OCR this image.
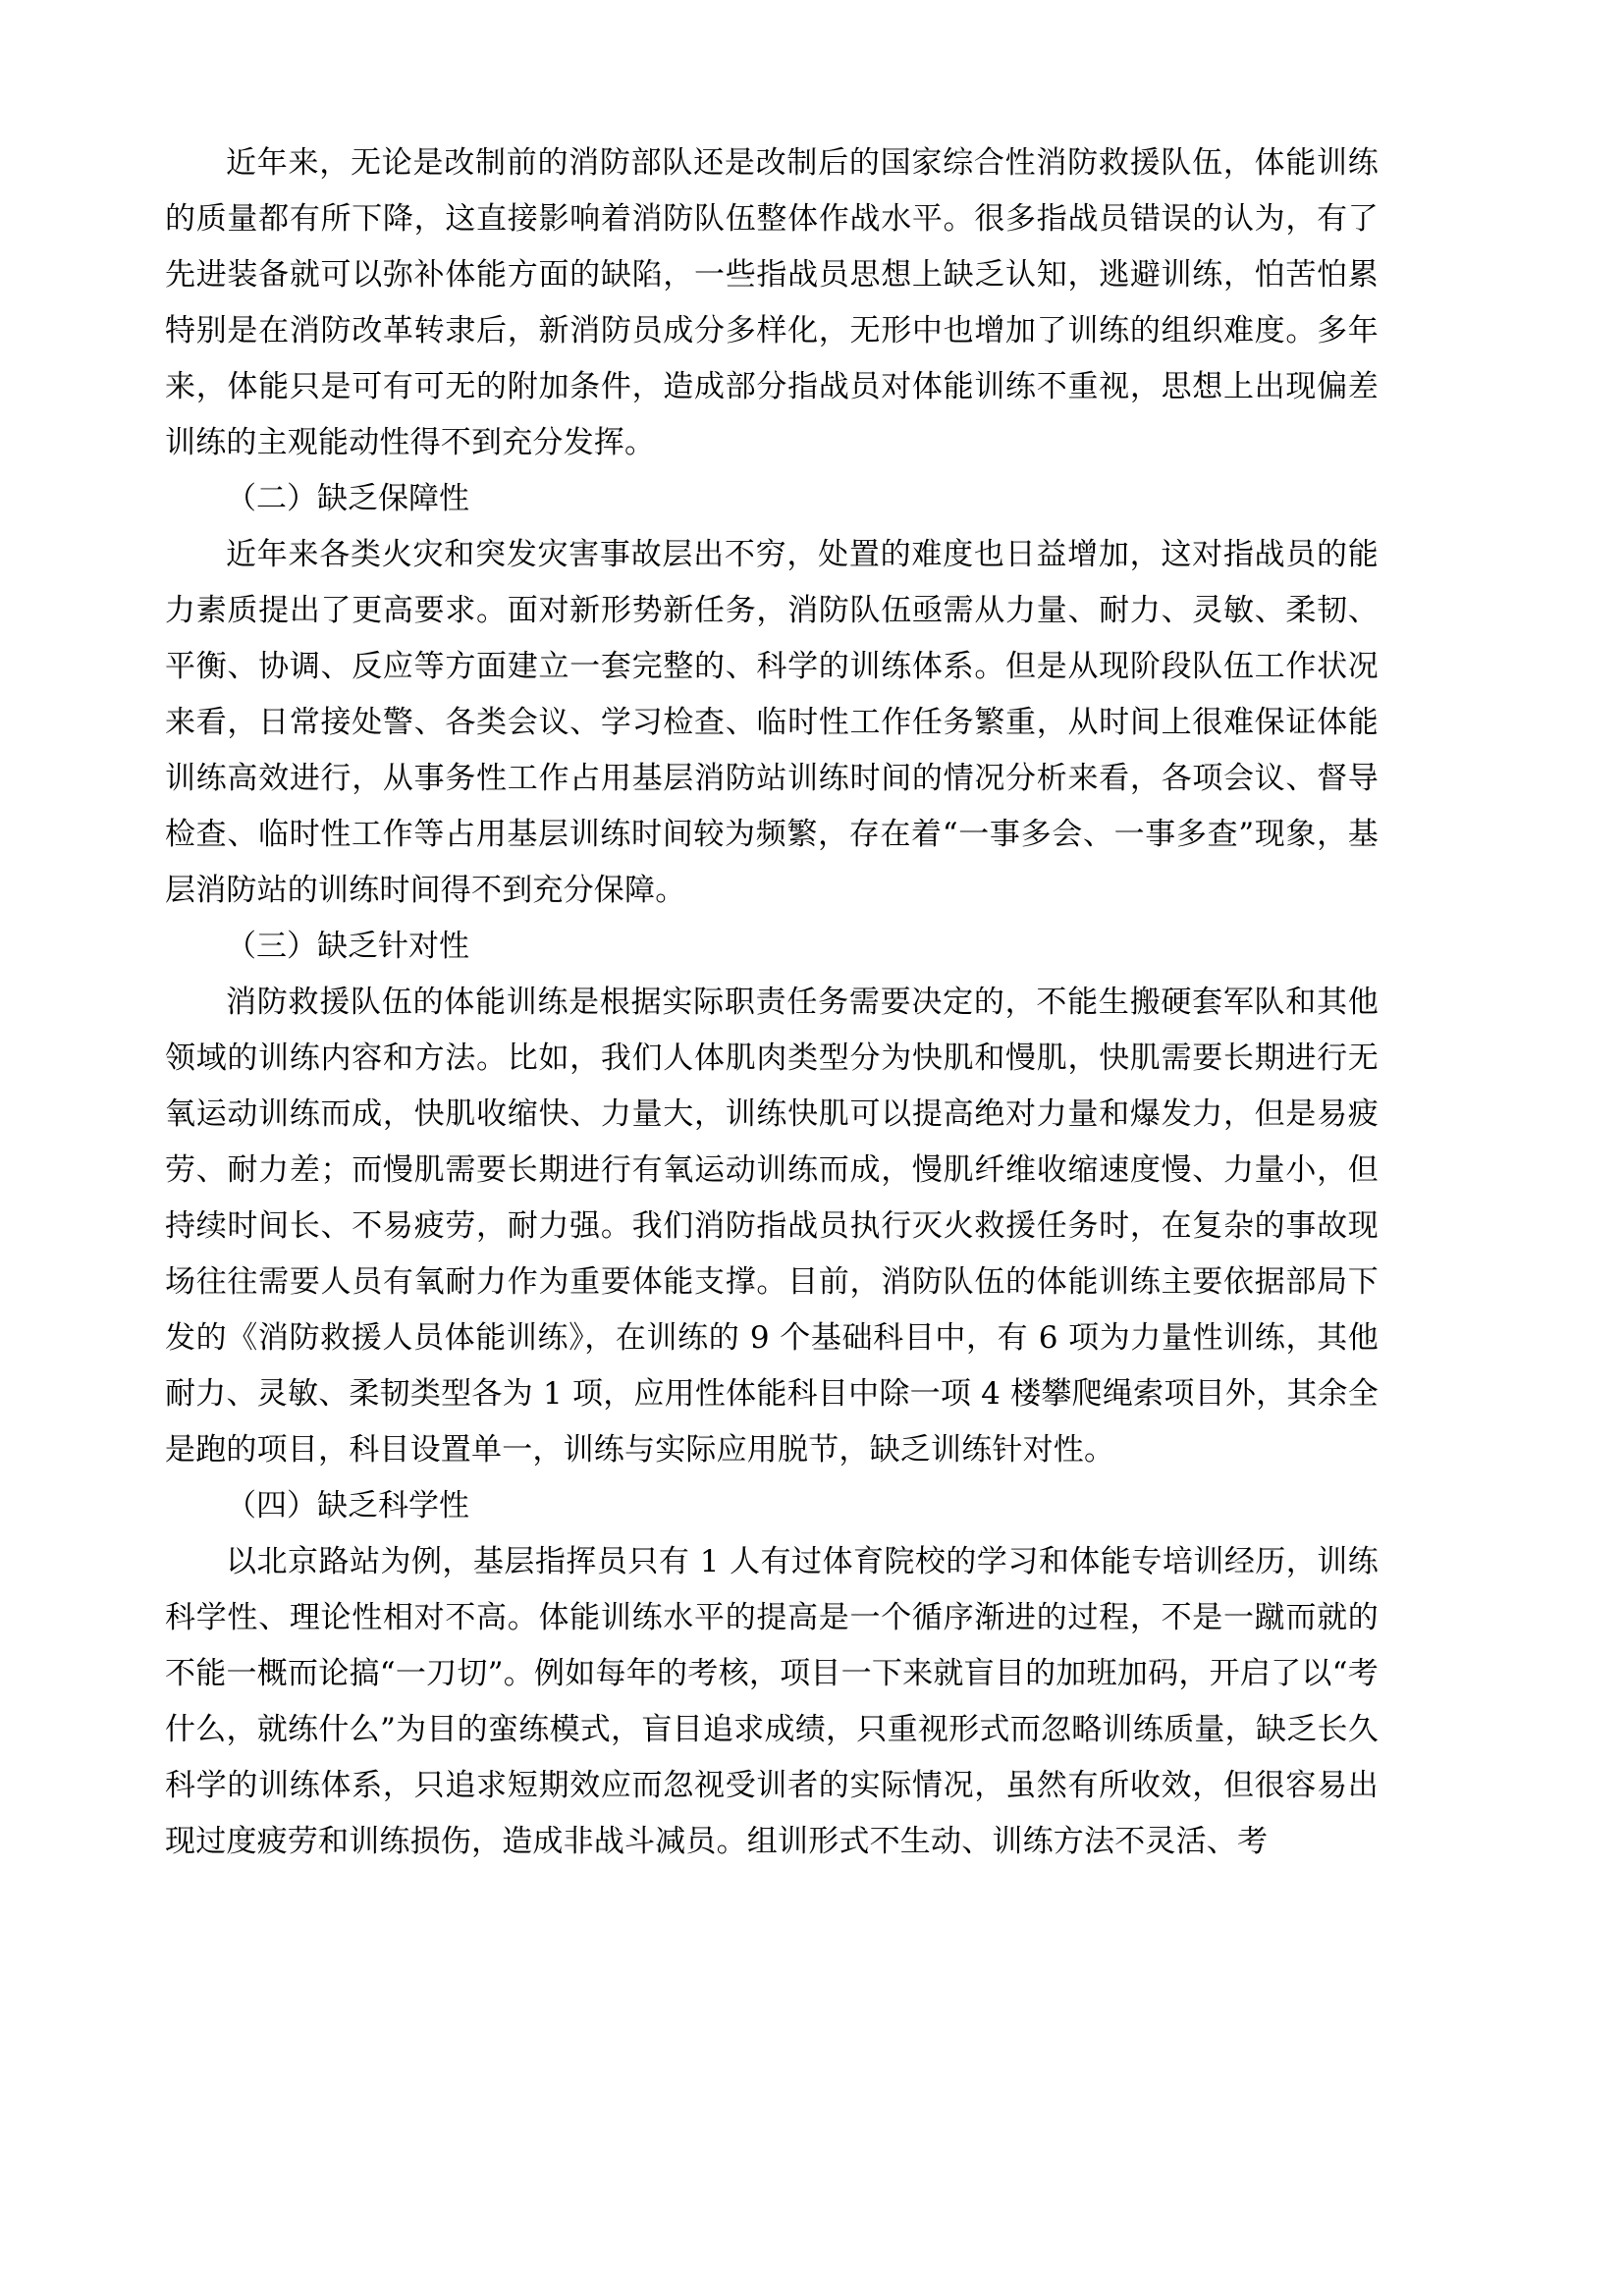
近年来，无论是改制前的消防部队还是改制后的国家综合性消防救援队伍，体能训练的质量都有所下降，这直接影响着消防队伍整体作战水平。很多指战员错误的认为，有了先进装备就可以弥补体能方面的缺陷，一些指战员思想上缺乏认知，逃避训练，怕苦怕累特别是在消防改革转隶后，新消防员成分多样化，无形中也增加了训练的组织难度。多年来，体能只是可有可无的附加条件，造成部分指战员对体能训练不重视，思想上出现偏差训练的主观能动性得不到充分发挥。

（二）缺乏保障性

近年来各类火灾和突发灾害事故层出不穷，处置的难度也日益增加，这对指战员的能力素质提出了更高要求。面对新形势新任务，消防队伍亟需从力量、耐力、灵敏、柔韧、平衡、协调、反应等方面建立一套完整的、科学的训练体系。但是从现阶段队伍工作状况来看，日常接处警、各类会议、学习检查、临时性工作任务繁重，从时间上很难保证体能训练高效进行，从事务性工作占用基层消防站训练时间的情况分析来看，各项会议、督导检查、临时性工作等占用基层训练时间较为频繁，存在着“一事多会、一事多查”现象，基层消防站的训练时间得不到充分保障。

（三）缺乏针对性

消防救援队伍的体能训练是根据实际职责任务需要决定的，不能生搬硬套军队和其他领域的训练内容和方法。比如，我们人体肌肉类型分为快肌和慢肌，快肌需要长期进行无氧运动训练而成，快肌收缩快、力量大，训练快肌可以提高绝对力量和爆发力，但是易疲劳、耐力差；而慢肌需要长期进行有氧运动训练而成，慢肌纤维收缩速度慢、力量小，但持续时间长、不易疲劳，耐力强。我们消防指战员执行灭火救援任务时，在复杂的事故现场往往需要人员有氧耐力作为重要体能支撑。目前，消防队伍的体能训练主要依据部局下发的《消防救援人员体能训练》，在训练的 9 个基础科目中，有 6 项为力量性训练，其他耐力、灵敏、柔韧类型各为 1 项，应用性体能科目中除一项 4 楼攀爬绳索项目外，其余全是跑的项目，科目设置单一，训练与实际应用脱节，缺乏训练针对性。

（四）缺乏科学性

以北京路站为例，基层指挥员只有 1 人有过体育院校的学习和体能专培训经历，训练科学性、理论性相对不高。体能训练水平的提高是一个循序渐进的过程，不是一蹴而就的不能一概而论搞“一刀切”。例如每年的考核，项目一下来就盲目的加班加码，开启了以“考什么，就练什么”为目的蛮练模式，盲目追求成绩，只重视形式而忽略训练质量，缺乏长久科学的训练体系，只追求短期效应而忽视受训者的实际情况，虽然有所收效，但很容易出现过度疲劳和训练损伤，造成非战斗减员。组训形式不生动、训练方法不灵活、考
